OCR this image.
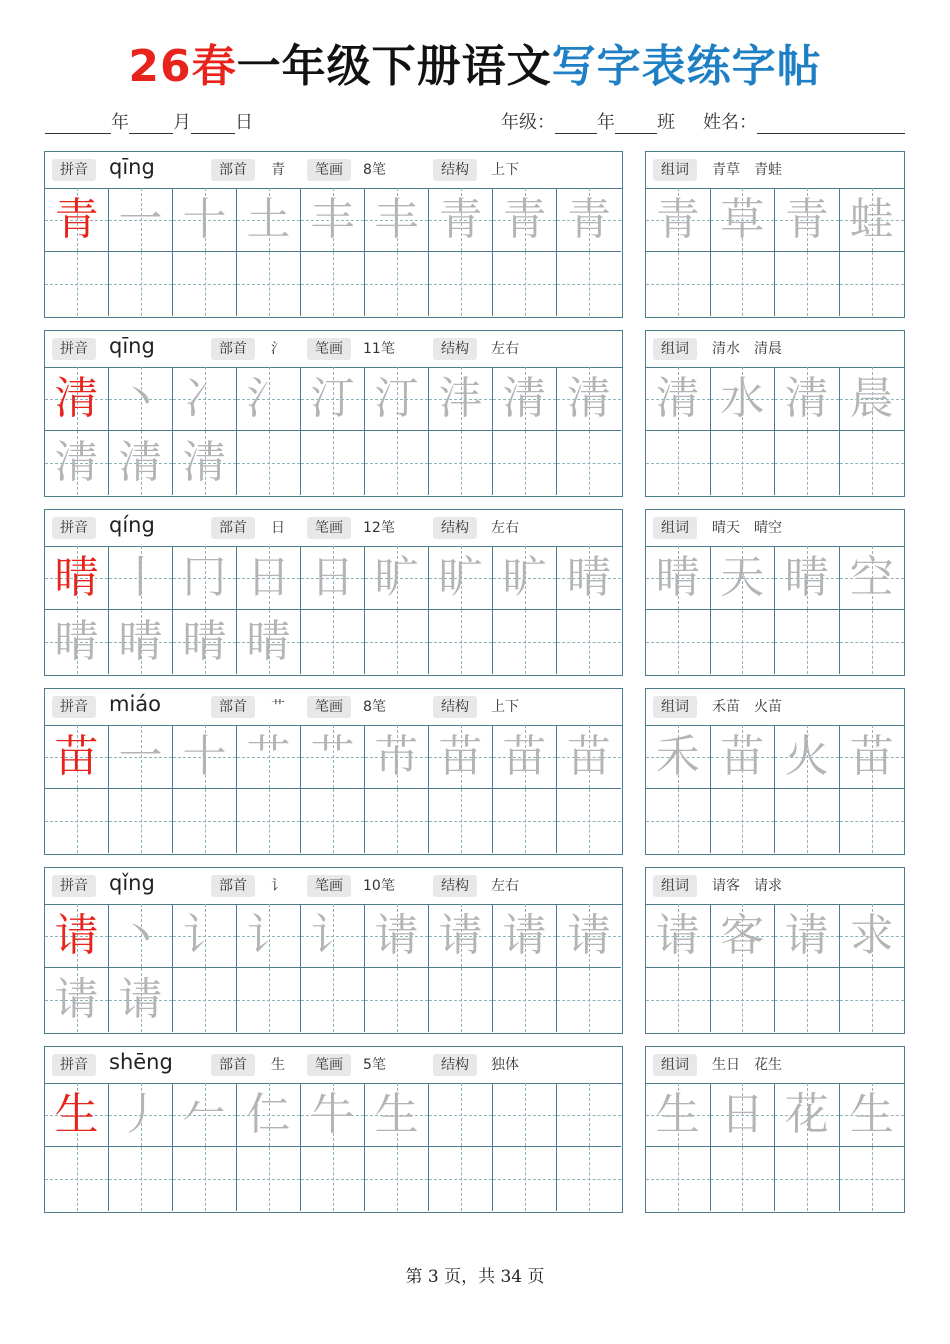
26春一年级下册语文写字表练字帖
年 月 日	年级： 年 班 姓名：
拼音	qīng	部首	青	笔画	8笔	结构	上下
青 一 十 土 丰 丰 青 青 青
组词	青草　青蛙
青 草 青 蛙
拼音	qīng	部首	氵	笔画	11笔	结构	左右
清 丶 冫 氵 汀 汀 沣 清 清
清 清 清
组词	清水　清晨
清 水 清 晨
拼音	qíng	部首	日	笔画	12笔	结构	左右
晴 丨 冂 日 日 旷 旷 旷 晴
晴 晴 晴 晴
组词	晴天　晴空
晴 天 晴 空
拼音	miáo	部首	艹	笔画	8笔	结构	上下
苗 一 十 艹 艹 芇 苗 苗 苗
组词	禾苗　火苗
禾 苗 火 苗
拼音	qǐng	部首	讠	笔画	10笔	结构	左右
请 丶 讠 讠 讠 请 请 请 请
请 请
组词	请客　请求
请 客 请 求
拼音	shēng	部首	生	笔画	5笔	结构	独体
生 丿 𠂉 仁 牛 生
组词	生日　花生
生 日 花 生
第 3 页，共 34 页
